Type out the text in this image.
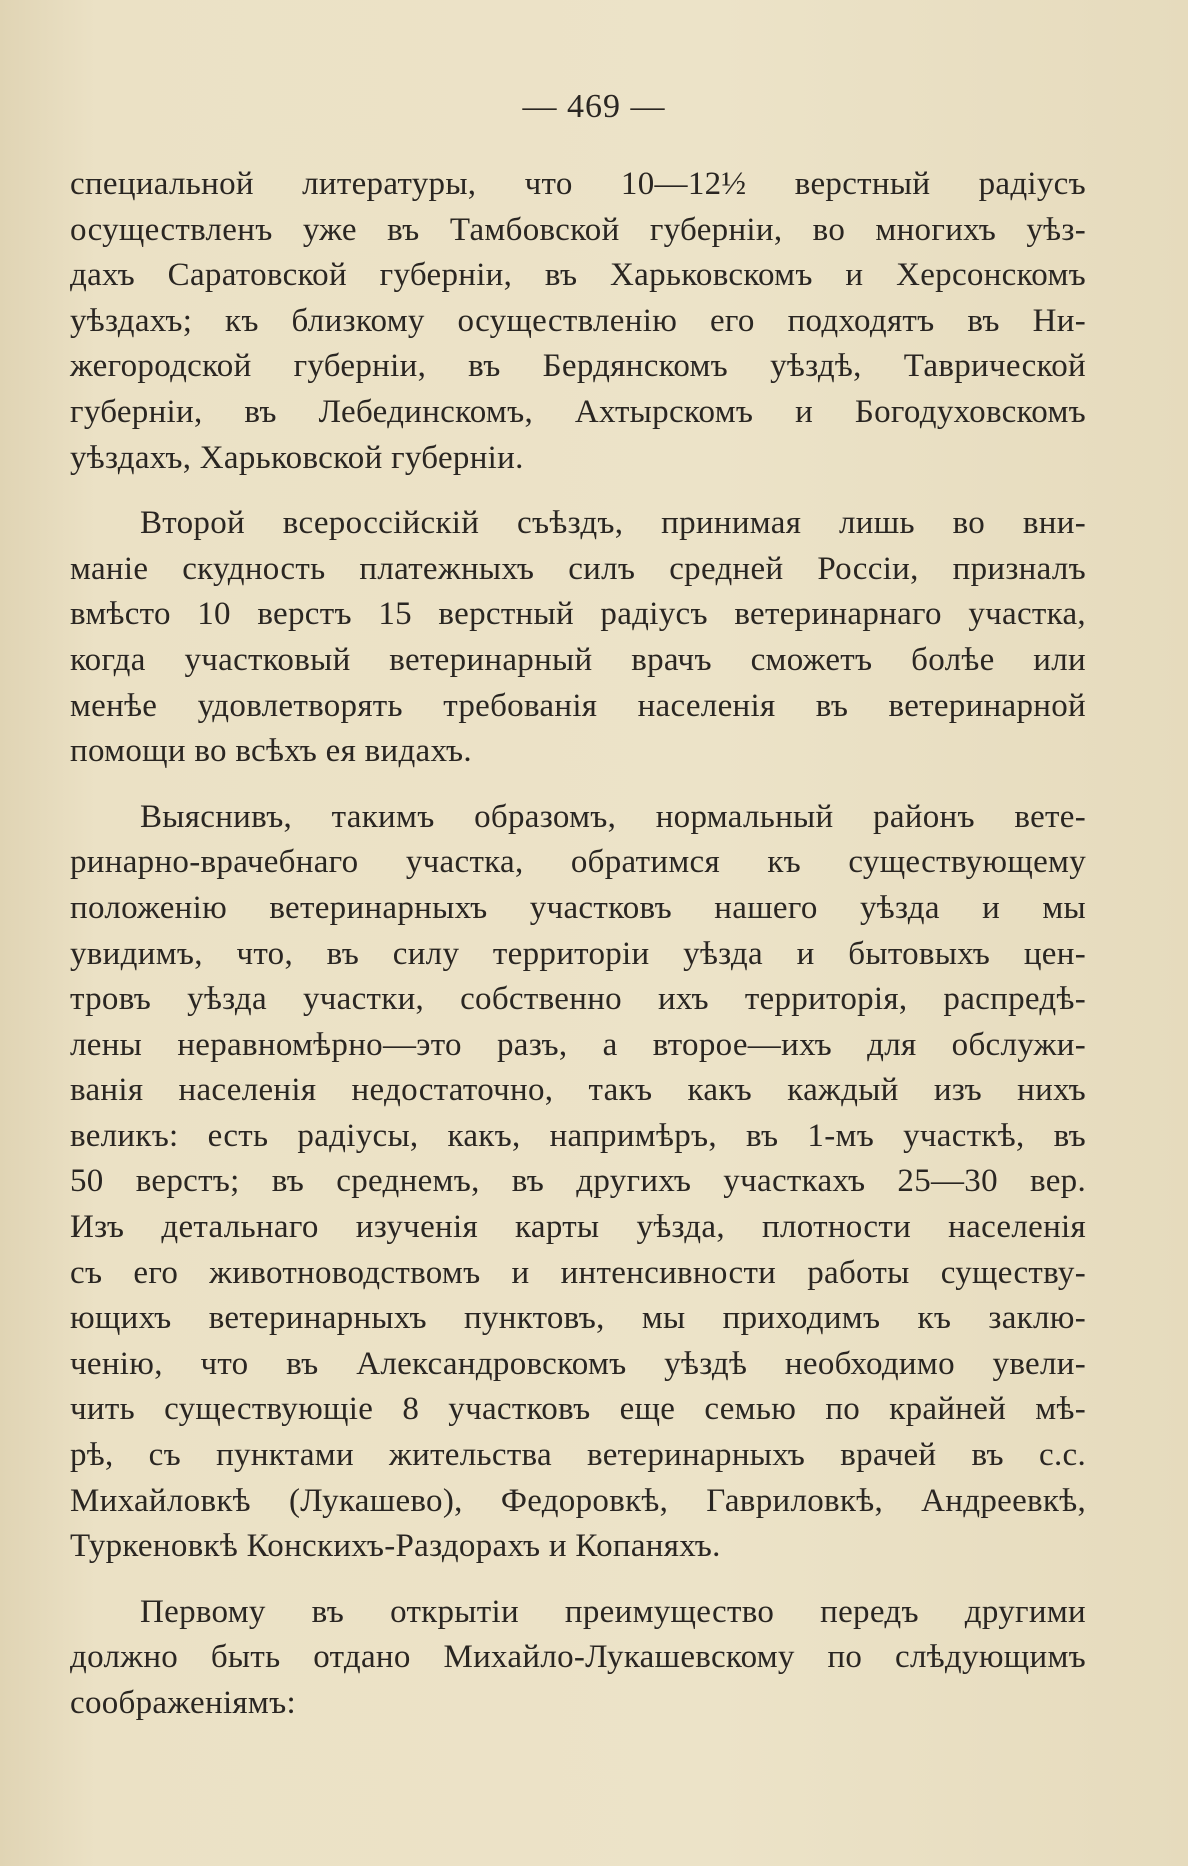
— 469 —
специальной литературы, что 10—12½ верстный радіусъ
осуществленъ уже въ Тамбовской губерніи, во многихъ уѣз-
дахъ Саратовской губерніи, въ Харьковскомъ и Херсонскомъ
уѣздахъ; къ близкому осуществленію его подходятъ въ Ни-
жегородской губерніи, въ Бердянскомъ уѣздѣ, Таврической
губерніи, въ Лебединскомъ, Ахтырскомъ и Богодуховскомъ
уѣздахъ, Харьковской губерніи.
Второй всероссійскій съѣздъ, принимая лишь во вни-
маніе скудность платежныхъ силъ средней Россіи, призналъ
вмѣсто 10 верстъ 15 верстный радіусъ ветеринарнаго участка,
когда участковый ветеринарный врачъ сможетъ болѣе или
менѣе удовлетворять требованія населенія въ ветеринарной
помощи во всѣхъ ея видахъ.
Выяснивъ, такимъ образомъ, нормальный районъ вете-
ринарно-врачебнаго участка, обратимся къ существующему
положенію ветеринарныхъ участковъ нашего уѣзда и мы
увидимъ, что, въ силу территоріи уѣзда и бытовыхъ цен-
тровъ уѣзда участки, собственно ихъ территорія, распредѣ-
лены неравномѣрно—это разъ, а второе—ихъ для обслужи-
ванія населенія недостаточно, такъ какъ каждый изъ нихъ
великъ: есть радіусы, какъ, напримѣръ, въ 1-мъ участкѣ, въ
50 верстъ; въ среднемъ, въ другихъ участкахъ 25—30 вер.
Изъ детальнаго изученія карты уѣзда, плотности населенія
съ его животноводствомъ и интенсивности работы существу-
ющихъ ветеринарныхъ пунктовъ, мы приходимъ къ заклю-
ченію, что въ Александровскомъ уѣздѣ необходимо увели-
чить существующіе 8 участковъ еще семью по крайней мѣ-
рѣ, съ пунктами жительства ветеринарныхъ врачей въ с.с.
Михайловкѣ (Лукашево), Федоровкѣ, Гавриловкѣ, Андреевкѣ,
Туркеновкѣ Конскихъ-Раздорахъ и Копаняхъ.
Первому въ открытіи преимущество передъ другими
должно быть отдано Михайло-Лукашевскому по слѣдующимъ
соображеніямъ:
